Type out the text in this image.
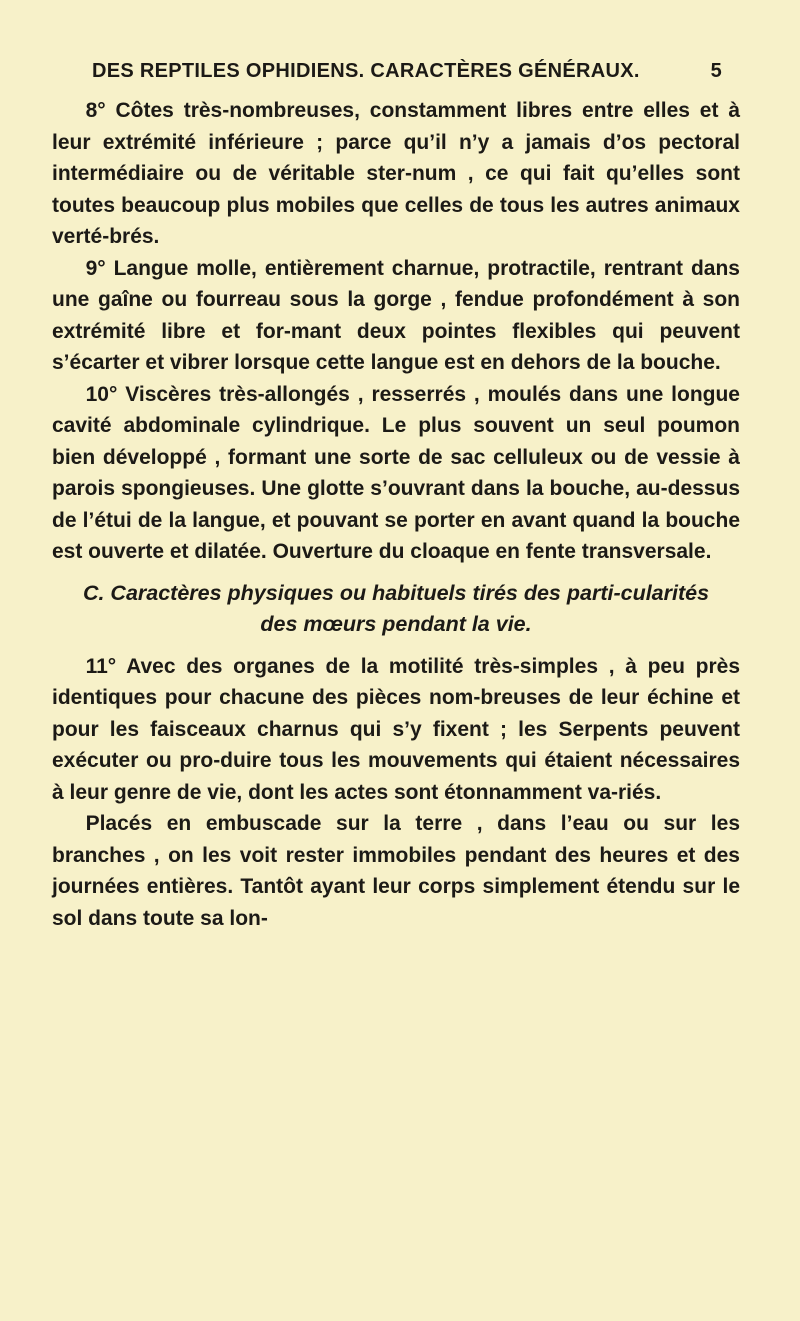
DES REPTILES OPHIDIENS. CARACTÈRES GÉNÉRAUX.	5

8° Côtes très-nombreuses, constamment libres entre elles et à leur extrémité inférieure ; parce qu’il n’y a jamais d’os pectoral intermédiaire ou de véritable ster-num , ce qui fait qu’elles sont toutes beaucoup plus mobiles que celles de tous les autres animaux verté-brés.

9° Langue molle, entièrement charnue, protractile, rentrant dans une gaîne ou fourreau sous la gorge , fendue profondément à son extrémité libre et for-mant deux pointes flexibles qui peuvent s’écarter et vibrer lorsque cette langue est en dehors de la bouche.

10° Viscères très-allongés , resserrés , moulés dans une longue cavité abdominale cylindrique. Le plus souvent un seul poumon bien développé , formant une sorte de sac celluleux ou de vessie à parois spongieuses. Une glotte s’ouvrant dans la bouche, au-dessus de l’étui de la langue, et pouvant se porter en avant quand la bouche est ouverte et dilatée. Ouverture du cloaque en fente transversale.

C. Caractères physiques ou habituels tirés des parti-cularités des mœurs pendant la vie.

11° Avec des organes de la motilité très-simples , à peu près identiques pour chacune des pièces nom-breuses de leur échine et pour les faisceaux charnus qui s’y fixent ; les Serpents peuvent exécuter ou pro-duire tous les mouvements qui étaient nécessaires à leur genre de vie, dont les actes sont étonnamment va-riés.

Placés en embuscade sur la terre , dans l’eau ou sur les branches , on les voit rester immobiles pendant des heures et des journées entières. Tantôt ayant leur corps simplement étendu sur le sol dans toute sa lon-
